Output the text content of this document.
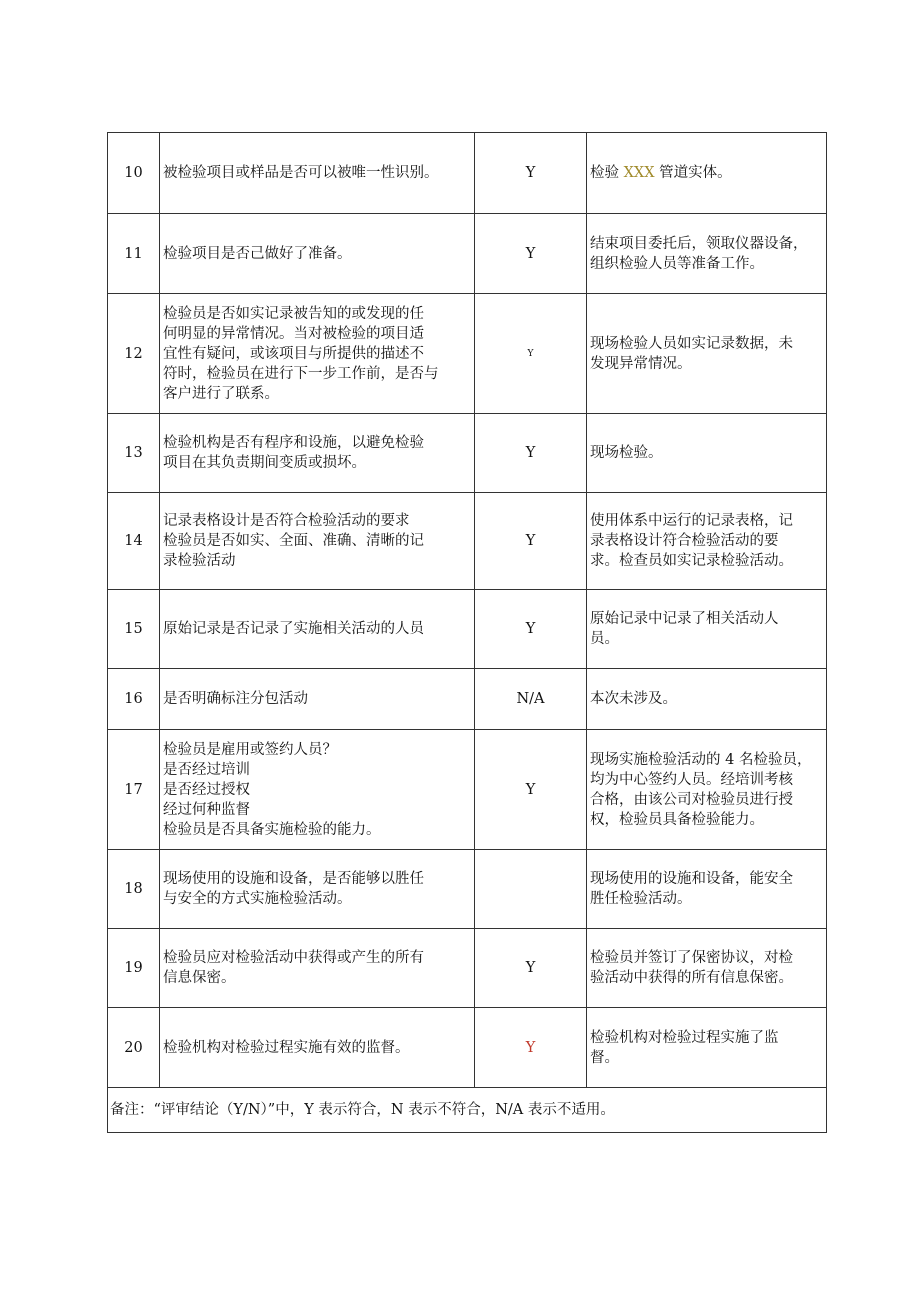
10	被检验项目或样品是否可以被唯一性识别。	Y	检验 XXX 管道实体。
11	检验项目是否己做好了准备。	Y	结束项目委托后，领取仪器设备，
组织检验人员等准备工作。
12	检验员是否如实记录被告知的或发现的任
何明显的异常情况。当对被检验的项目适
宜性有疑问，或该项目与所提供的描述不
符时，检验员在进行下一步工作前，是否与
客户进行了联系。	Y	现场检验人员如实记录数据，未
发现异常情况。
13	检验机构是否有程序和设施，以避免检验
项目在其负责期间变质或损坏。	Y	现场检验。
14	记录表格设计是否符合检验活动的要求
检验员是否如实、全面、准确、清晰的记
录检验活动	Y	使用体系中运行的记录表格，记
录表格设计符合检验活动的要
求。检查员如实记录检验活动。
15	原始记录是否记录了实施相关活动的人员	Y	原始记录中记录了相关活动人
员。
16	是否明确标注分包活动	N/A	本次未涉及。
17	检验员是雇用或签约人员？
是否经过培训
是否经过授权
经过何种监督
检验员是否具备实施检验的能力。	Y	现场实施检验活动的 4 名检验员，
均为中心签约人员。经培训考核
合格，由该公司对检验员进行授
权，检验员具备检验能力。
18	现场使用的设施和设备，是否能够以胜任
与安全的方式实施检验活动。		现场使用的设施和设备，能安全
胜任检验活动。
19	检验员应对检验活动中获得或产生的所有
信息保密。	Y	检验员并签订了保密协议，对检
验活动中获得的所有信息保密。
20	检验机构对检验过程实施有效的监督。	Y	检验机构对检验过程实施了监
督。
备注：“评审结论（Y/N）”中，Y 表示符合，N 表示不符合，N/A 表示不适用。			
